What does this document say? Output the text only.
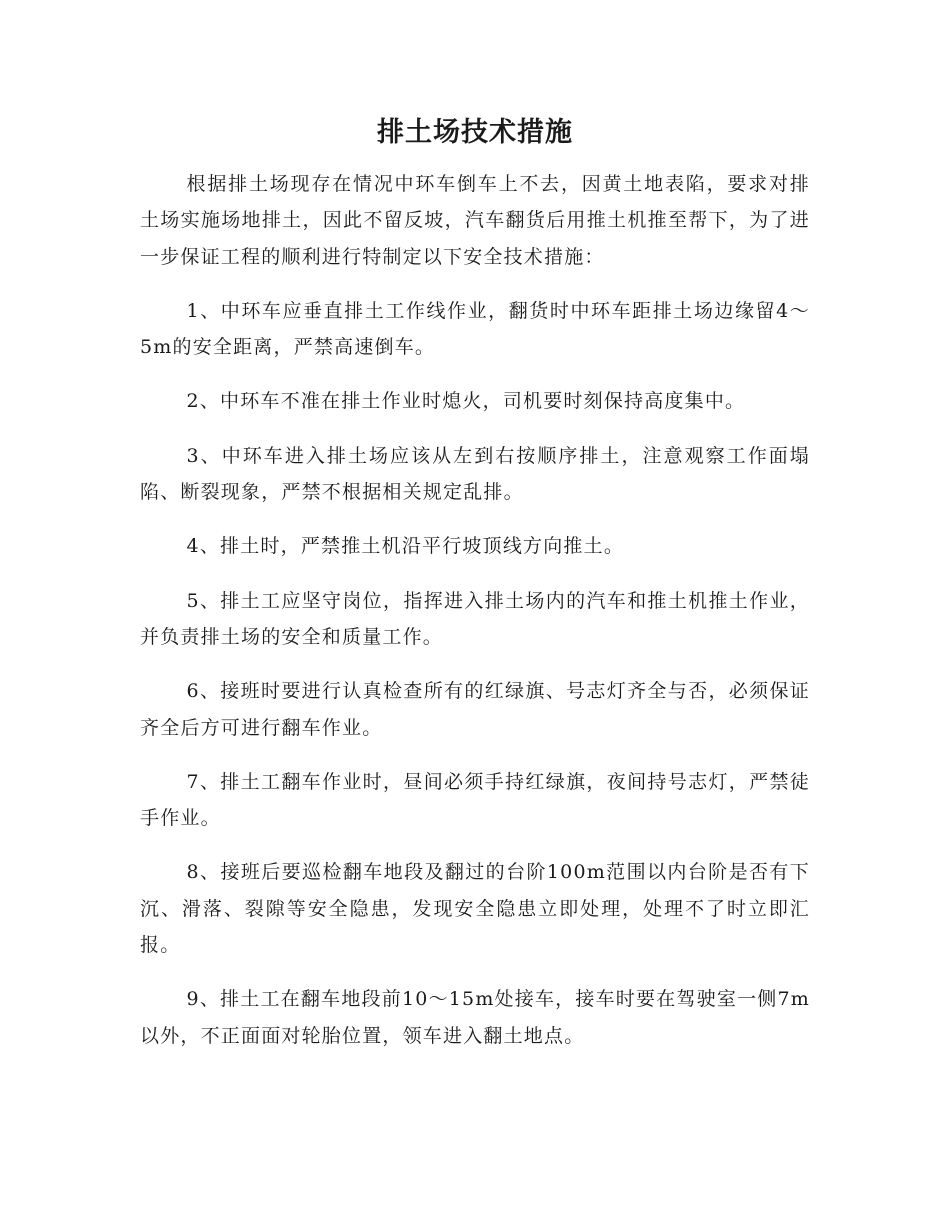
排土场技术措施

根据排土场现存在情况中环车倒车上不去，因黄土地表陷，要求对排土场实施场地排土，因此不留反坡，汽车翻货后用推土机推至帮下，为了进一步保证工程的顺利进行特制定以下安全技术措施：

1、中环车应垂直排土工作线作业，翻货时中环车距排土场边缘留4～5m的安全距离，严禁高速倒车。

2、中环车不准在排土作业时熄火，司机要时刻保持高度集中。

3、中环车进入排土场应该从左到右按顺序排土，注意观察工作面塌陷、断裂现象，严禁不根据相关规定乱排。

4、排土时，严禁推土机沿平行坡顶线方向推土。

5、排土工应坚守岗位，指挥进入排土场内的汽车和推土机推土作业，并负责排土场的安全和质量工作。

6、接班时要进行认真检查所有的红绿旗、号志灯齐全与否，必须保证齐全后方可进行翻车作业。

7、排土工翻车作业时，昼间必须手持红绿旗，夜间持号志灯，严禁徒手作业。

8、接班后要巡检翻车地段及翻过的台阶100m范围以内台阶是否有下沉、滑落、裂隙等安全隐患，发现安全隐患立即处理，处理不了时立即汇报。

9、排土工在翻车地段前10～15m处接车，接车时要在驾驶室一侧7m以外，不正面面对轮胎位置，领车进入翻土地点。
